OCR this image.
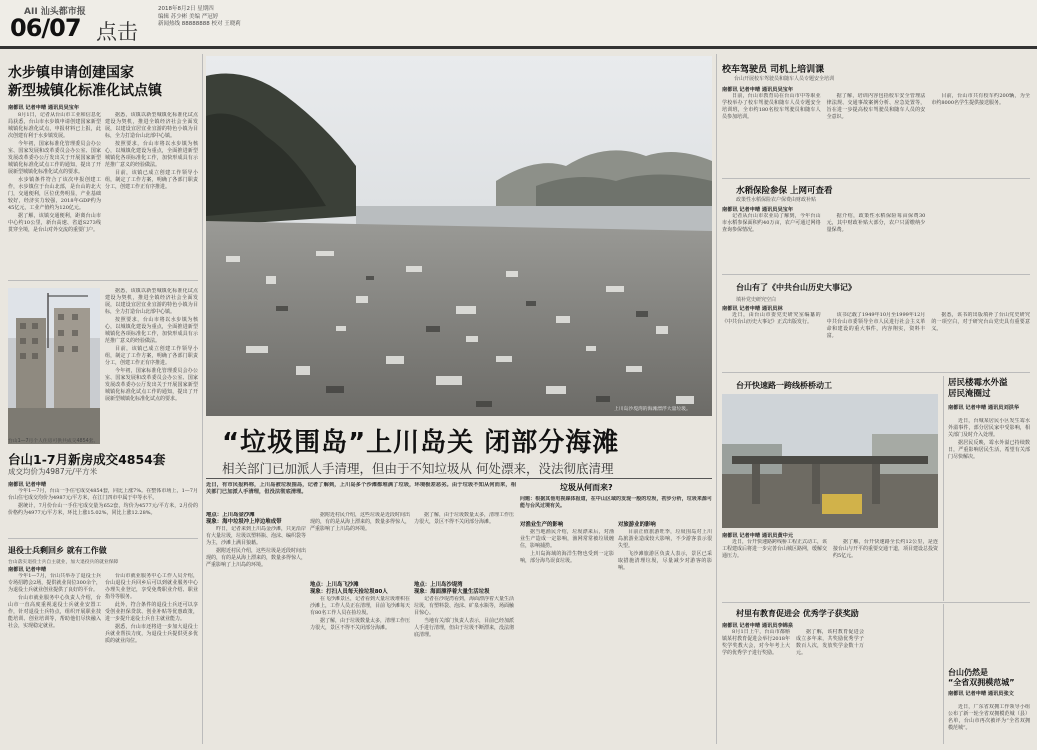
AII 汕头都市报
06/07 点击
2018年8月2日 星期四
编辑 苏少彬 美编 严冠婷
新闻热线 88888888 校对 王晓莉
水步镇申请创建国家
新型城镇化标准化试点镇
南都讯 记者申晴 通讯员吴宝年

8月1日，记者从台山市工业和信息化局获悉，台山市水步镇申请创建国家新型城镇化标准化试点，申报材料已上报，此次创建有利于水步镇发展。

今年初，国家标准化管理委员会办公室、国家发展和改革委员会办公室、国家发展改革委办公厅发出关于开展国家新型城镇化标准化试点工作的通知，提出了开展新型城镇化标准化试点的要求。

水步镇条件符合了该次申报创建工作，水步镇位于台山北部，是台山的北大门，交通便利，区位优势明显，产业基础较好，经济实力较强，2018年GDP约为45亿元，工业产值约为120亿元。

据了解，该镇交通便利，距离台山市中心约10公里，新台高速、省道S273线贯穿全境，是台山对外交流的重要门户。

据悉，该镇以新型城镇化标准化试点建设为契机，推进全镇经济社会全面发展，以建设宜居宜业宜游的特色小镇为目标，全力打造台山北部中心镇。

按照要求，台山市将以水步镇为核心，以城镇化建设为重点，全面推进新型城镇化各项标准化工作，加快形成具有示范推广意义的经验做法。

目前，该镇已成立创建工作领导小组，制定了工作方案，明确了各部门职责分工，创建工作正有序推进。

据悉，该镇以新型城镇化标准化试点建设为契机，推进全镇经济社会全面发展，以建设宜居宜业宜游的特色小镇为目标，全力打造台山北部中心镇。

按照要求，台山市将以水步镇为核心，以城镇化建设为重点，全面推进新型城镇化各项标准化工作，加快形成具有示范推广意义的经验做法。

目前，该镇已成立创建工作领导小组，制定了工作方案，明确了各部门职责分工，创建工作正有序推进。

今年初，国家标准化管理委员会办公室、国家发展和改革委员会办公室、国家发展改革委办公厅发出关于开展国家新型城镇化标准化试点工作的通知，提出了开展新型城镇化标准化试点的要求。

台山1—7月个人住房可供共成交4854套。
台山1-7月新房成交4854套
成交均价为4987元/平方米
南都讯 记者申晴

今年1—7月，台山一手住宅成交4854套，同比上涨7%。在整体市场上，1—7月台山住宅成交均价为4987元/平方米，在江门四市中属于中等水平。

据统计，7月份台山一手住宅成交量为652套，均价为4577元/平方米，2月份的价格约为4977元/平方米，环比上涨15.02%，同比上涨12.28%。

退役士兵剩回乡 就有工作做
台山落实退役士兵自主就业，加大退役兵的就业保障
南都讯 记者申晴

今年1—7月，台山共举办了退役士兵专场招聘会2场，提供就业岗位300余个，为退役士兵就业创业提供了良好的平台。

台山市就业服务中心负责人介绍，台山市一直高度重视退役士兵就业安置工作，针对退役士兵特点，组织开展职业技能培训、创业培训等，帮助他们尽快融入社会，实现稳定就业。

台山市就业服务中心工作人员介绍，台山退役士兵回乡后可以到就业服务中心办理失业登记，享受免费职业介绍、职业指导等服务。

此外，符合条件的退役士兵还可以享受创业担保贷款、创业补贴等优惠政策，进一步提升退役士兵自主就业能力。

据悉，台山市还将进一步加大退役士兵就业帮扶力度，为退役士兵提供更多优质的就业岗位。

上川岛沙堤湾的海滩漂浮大量垃圾。
“垃圾围岛”上川岛关 闭部分海滩
相关部门已加派人手清理，但由于不知垃圾从 何处漂来，没法彻底清理

近日，有市民报料称，上川岛被垃圾围岛，记者了解到，上川岛多个沙滩都堆满了垃圾，环境极差恶劣。由于垃圾不知从何而来，相关部门已加派人手清理，但没法彻底清理。

地点：上川岛金沙滩
现象：海中垃圾冲上岸边堆成带

昨日，记者来到上川岛金沙滩，只见沿岸有大量垃圾，垃圾以塑料瓶、泡沫、编织袋等为主，沙滩上满目狼藉。

据附近村民介绍，这些垃圾是近段时间出现的，有的是从海上漂来的，数量多得惊人，严重影响了上川岛的环境。

据附近村民介绍，这些垃圾是近段时间出现的，有的是从海上漂来的，数量多得惊人，严重影响了上川岛的环境。

地点：上川岛飞沙滩
现象：打扫人员每天捡垃圾80人

在飞沙滩景区，记者看到大量垃圾堆积在沙滩上，工作人员正在清理，目前飞沙滩每天有80名工作人员在捡垃圾。

据了解，由于垃圾数量太多，清理工作压力很大，景区不得不关闭部分海滩。

据了解，由于垃圾数量太多，清理工作压力很大，景区不得不关闭部分海滩。

地点：上川岛沙堤湾
现象：海面漂浮着大量生活垃圾

记者在沙堤湾看到，海面漂浮着大量生活垃圾，有塑料袋、泡沫、矿泉水瓶等，场面触目惊心。

当地有关部门负责人表示，目前已经加派人手进行清理，但由于垃圾不断漂来，没法彻底清理。

垃圾从何而来?

问题：根据其他电视媒体报道，在中山区域的发现一般的垃圾，初步分析，垃圾来源可能与台风过境有关。

对渔业生产的影响

据当地渔民介绍，垃圾漂来后，对渔业生产造成一定影响，渔网常常被垃圾缠住，影响捕捞。

上川岛海域的海洋生物也受到一定影响，部分海鸟误食垃圾。

对旅游业的影响

目前正值旅游旺季，垃圾围岛对上川岛旅游业造成较大影响，不少游客表示很失望。

飞沙滩旅游区负责人表示，景区已采取措施清理垃圾，尽量减少对游客的影响。

校车驾驶员 司机上培训课
台山开展校车驾驶员和随车人员专题安全培训
南都讯 记者申晴 通讯员吴宝年

日前，台山市教育局在台山市中等职业学校举办了校车驾驶员和随车人员专题安全培训班，全市约180名校车驾驶员和随车人员参加培训。

据了解，培训内容包括校车安全管理法律法规、交通事故案例分析、应急处置等，旨在进一步提高校车驾驶员和随车人员的安全意识。

目前，台山市共有校车约200辆，为全市约8000名学生提供接送服务。

水稻保险参保 上网可查看
政策性水稻保险农户保费由财政补贴
南都讯 记者申晴 通讯员吴宝年

记者从台山市农业局了解到，今年台山市水稻参保面积约40万亩，农户可通过网络查询参保情况。

据介绍，政策性水稻保险每亩保费30元，其中财政补贴大部分，农户只需缴纳少量保费。

台山有了《中共台山历史大事记》
填补党史研究空白
南都讯 记者申晴 通讯员林

近日，由台山市委党史研究室编纂的《中共台山历史大事记》正式出版发行。

该书记载了1949年10月至1999年12月中共台山市委领导全市人民进行社会主义革命和建设的重大事件，内容翔实，资料丰富。

据悉，该书的出版填补了台山党史研究的一项空白，对于研究台山党史具有重要意义。

台开快速路一跨线桥桥动工
南都讯 记者申晴 通讯员黄中元

近日，台开快速路跨线桥工程正式动工，该工程建成后将进一步完善台山城区路网，缓解交通压力。

据了解，台开快速路全长约12公里，是连接台山与开平的重要交通干道，项目建设总投资约5亿元。

居民楼霉水外溢
居民淹圈过
南都讯 记者申晴 通讯员刘洪华

近日，台城某居民小区发生霉水外溢事件，部分居民家中受影响，相关部门及时介入处理。

据居民反映，霉水外溢已持续数日，严重影响居民生活，希望有关部门尽快解决。

村里有教育促进会 优秀学子获奖励
南都讯 记者申晴 通讯员李锦泉

8月1日上午，台山市都斛镇某村教育促进会举行2018年奖学奖教大会，对今年考上大学的优秀学子进行奖励。

据了解，该村教育促进会成立多年来，共奖励优秀学子数百人次，发放奖学金数十万元。

台山仍然是
“全省双拥模范城”
南都讯 记者申晴 通讯员张文

近日，广东省双拥工作领导小组公布了新一轮全省双拥模范城（县）名单，台山市再次被评为“全省双拥模范城”。
